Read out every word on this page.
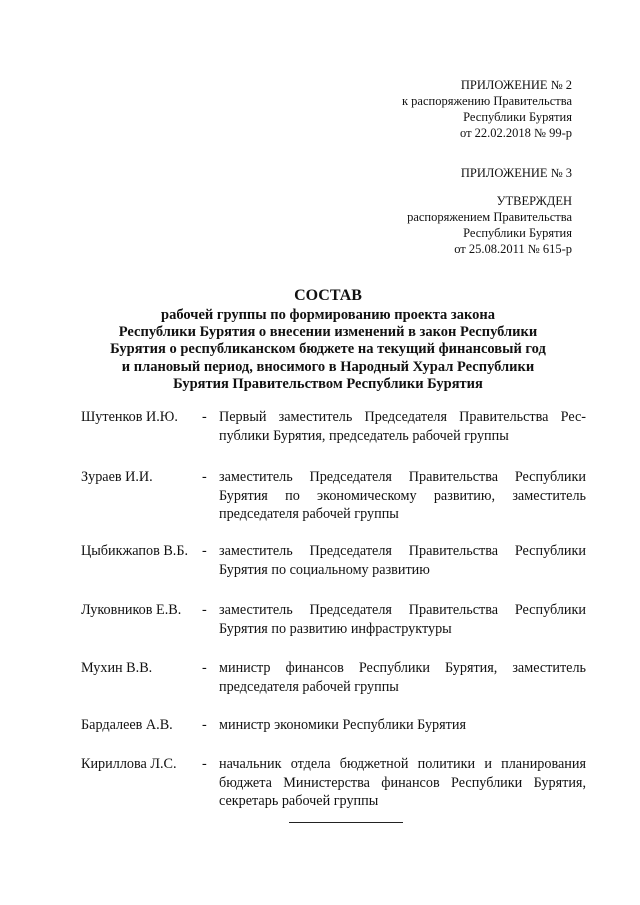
ПРИЛОЖЕНИЕ № 2
к распоряжению Правительства
Республики Бурятия
от 22.02.2018 № 99-р
ПРИЛОЖЕНИЕ № 3
УТВЕРЖДЕН
распоряжением Правительства
Республики Бурятия
от 25.08.2011 № 615-р
СОСТАВ
рабочей группы по формированию проекта закона
Республики Бурятия о внесении изменений в закон Республики
Бурятия о республиканском бюджете на текущий финансовый год
и плановый период, вносимого в Народный Хурал Республики
Бурятия Правительством Республики Бурятия
Шутенков И.Ю. - Первый заместитель Председателя Правительства Республики Бурятия, председатель рабочей группы
Зураев И.И.	- заместитель Председателя Правительства Республики Бурятия по экономическому развитию, заместитель председателя рабочей группы
Цыбикжапов В.Б. - заместитель Председателя Правительства Республики Бурятия по социальному развитию
Луковников Е.В. - заместитель Председателя Правительства Республики Бурятия по развитию инфраструктуры
Мухин В.В.	- министр финансов Республики Бурятия, заместитель председателя рабочей группы
Бардалеев А.В. - министр экономики Республики Бурятия
Кириллова Л.С. - начальник отдела бюджетной политики и планирования бюджета Министерства финансов Республики Бурятия, секретарь рабочей группы
